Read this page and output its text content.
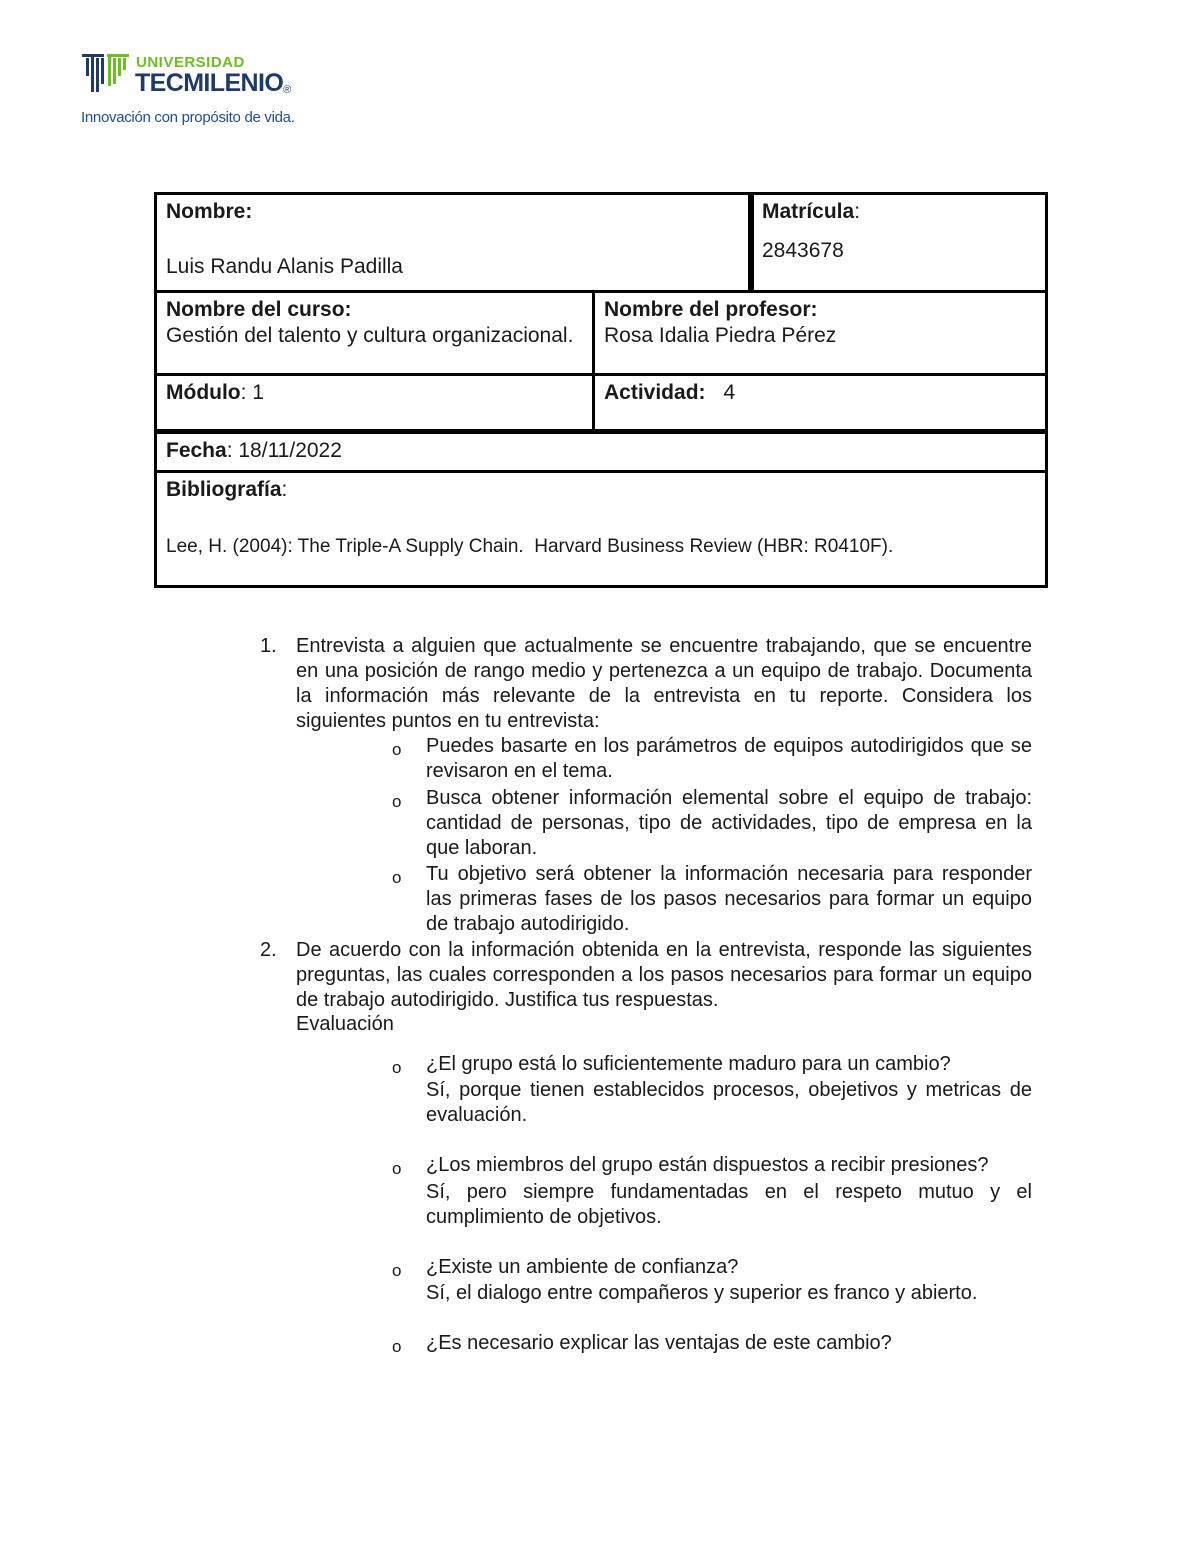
UNIVERSIDAD
TECMILENIO®
Innovación con propósito de vida.
Nombre:
Luis Randu Alanis Padilla
Matrícula:
2843678
Nombre del curso:
Gestión del talento y cultura organizacional.
Nombre del profesor:
Rosa Idalia Piedra Pérez
Módulo: 1	Actividad: 4
Fecha: 18/11/2022
Bibliografía:
Lee, H. (2004): The Triple-A Supply Chain.  Harvard Business Review (HBR: R0410F).
1. Entrevista a alguien que actualmente se encuentre trabajando, que se encuentre en una posición de rango medio y pertenezca a un equipo de trabajo. Documenta la información más relevante de la entrevista en tu reporte. Considera los siguientes puntos en tu entrevista:
o Puedes basarte en los parámetros de equipos autodirigidos que se revisaron en el tema.
o Busca obtener información elemental sobre el equipo de trabajo: cantidad de personas, tipo de actividades, tipo de empresa en la que laboran.
o Tu objetivo será obtener la información necesaria para responder las primeras fases de los pasos necesarios para formar un equipo de trabajo autodirigido.
2. De acuerdo con la información obtenida en la entrevista, responde las siguientes preguntas, las cuales corresponden a los pasos necesarios para formar un equipo de trabajo autodirigido. Justifica tus respuestas.
Evaluación
o ¿El grupo está lo suficientemente maduro para un cambio?
Sí, porque tienen establecidos procesos, obejetivos y metricas de evaluación.
o ¿Los miembros del grupo están dispuestos a recibir presiones?
Sí, pero siempre fundamentadas en el respeto mutuo y el cumplimiento de objetivos.
o ¿Existe un ambiente de confianza?
Sí, el dialogo entre compañeros y superior es franco y abierto.
o ¿Es necesario explicar las ventajas de este cambio?
